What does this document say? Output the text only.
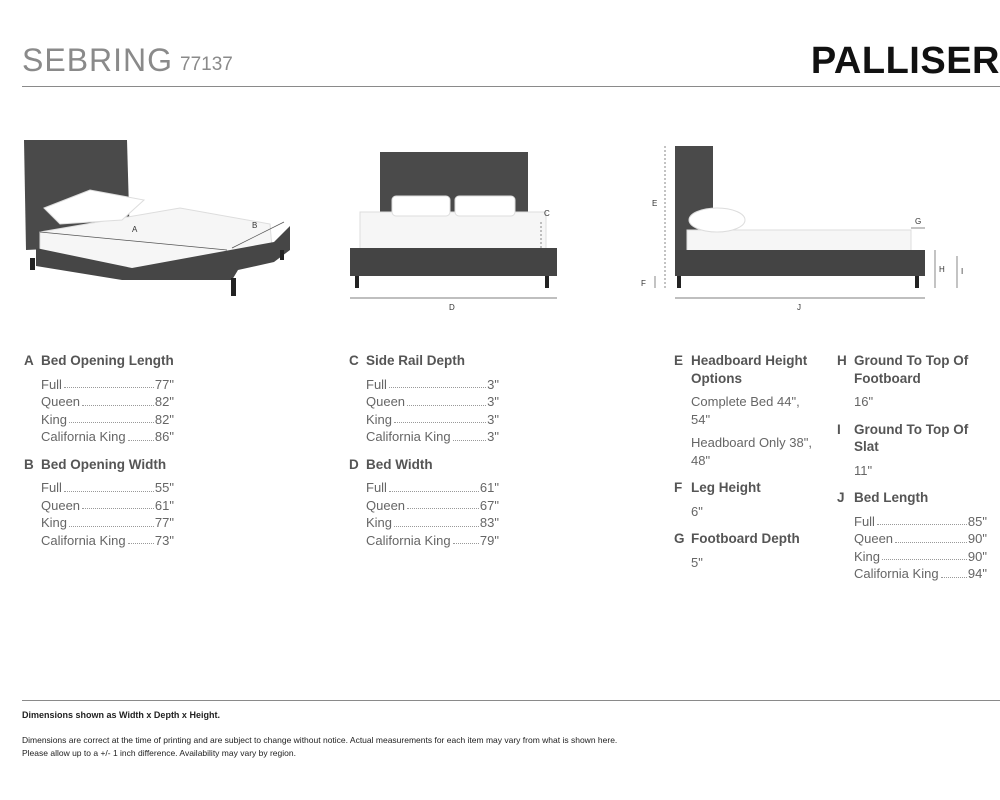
SEBRING 77137	PALLISER
A	B
C
D
E
F
G
H I
J
A Bed Opening Length
Full	77"
Queen	82"
King	82"
California King 86"
B Bed Opening Width
Full	55"
Queen	61"
King	77"
California King 73"
C Side Rail Depth
Full	3"
Queen	3"
King	3"
California King	3"
D Bed Width
Full	61"
Queen	67"
King	83"
California King 79"
E Headboard Height Options
Complete Bed 44", 54"
Headboard Only 38", 48"
F Leg Height
6"
G Footboard Depth
5"
H Ground To Top Of Footboard
16"
I Ground To Top Of Slat
11"
J Bed Length
Full	85"
Queen	90"
King	90"
California King 94"
Dimensions shown as Width x Depth x Height.
Dimensions are correct at the time of printing and are subject to change without notice. Actual measurements for each item may vary from what is shown here.
Please allow up to a +/- 1 inch difference. Availability may vary by region.
